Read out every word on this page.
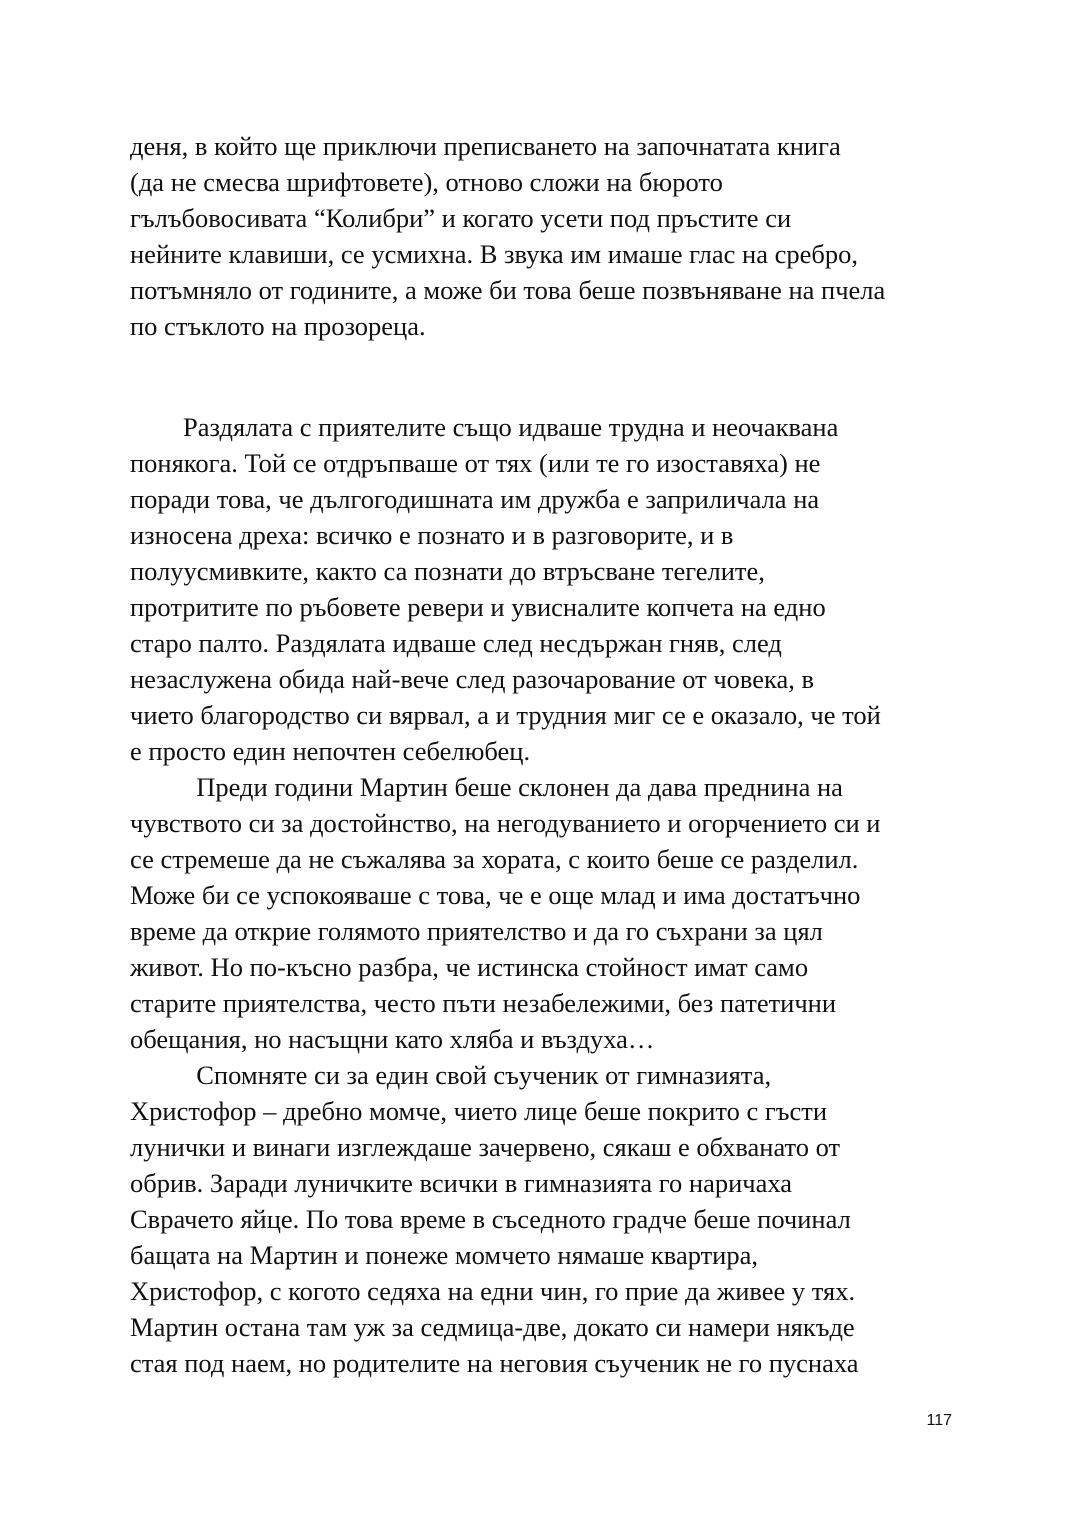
деня, в който ще приключи преписването на започнатата книга
(да не смесва шрифтовете), отново сложи на бюрото
гълъбовосивата “Колибри” и когато усети под пръстите си
нейните клавиши, се усмихна. В звука им имаше глас на сребро,
потъмняло от годините, а може би това беше позвъняване на пчела
по стъклото на прозореца.
Раздялата с приятелите също идваше трудна и неочаквана
понякога. Той се отдръпваше от тях (или те го изоставяха) не
поради това, че дългогодишната им дружба е заприличала на
износена дреха: всичко е познато и в разговорите, и в
полуусмивките, както са познати до втръсване тегелите,
протритите по ръбовете ревери и увисналите копчета на едно
старо палто. Раздялата идваше след несдържан гняв, след
незаслужена обида най-вече след разочарование от човека, в
чието благородство си вярвал, а и трудния миг се е оказало, че той
е просто един непочтен себелюбец.
Преди години Мартин беше склонен да дава преднина на
чувството си за достойнство, на негодуванието и огорчението си и
се стремеше да не съжалява за хората, с които беше се разделил.
Може би се успокояваше с това, че е още млад и има достатъчно
време да открие голямото приятелство и да го съхрани за цял
живот. Но по-късно разбра, че истинска стойност имат само
старите приятелства, често пъти незабележими, без патетични
обещания, но насъщни като хляба и въздуха…
Спомняте си за един свой съученик от гимназията,
Христофор – дребно момче, чието лице беше покрито с гъсти
лунички и винаги изглеждаше зачервено, сякаш е обхванато от
обрив. Заради луничките всички в гимназията го наричаха
Сврачето яйце. По това време в съседното градче беше починал
бащата на Мартин и понеже момчето нямаше квартира,
Христофор, с когото седяха на едни чин, го прие да живее у тях.
Мартин остана там уж за седмица-две, докато си намери някъде
стая под наем, но родителите на неговия съученик не го пуснаха
117
